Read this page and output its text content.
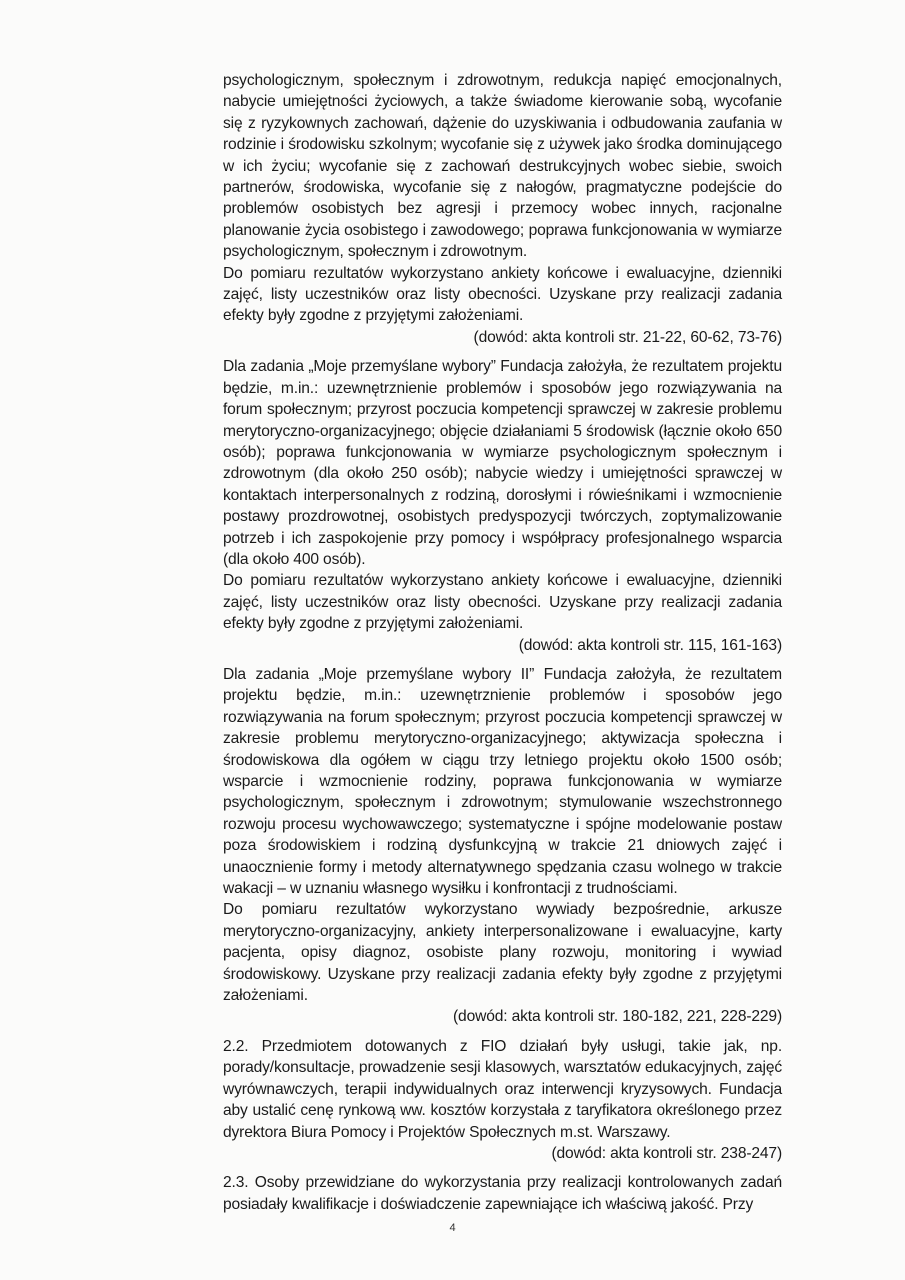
psychologicznym, społecznym i zdrowotnym, redukcja napięć emocjonalnych, nabycie umiejętności życiowych, a także świadome kierowanie sobą, wycofanie się z ryzykownych zachowań, dążenie do uzyskiwania i odbudowania zaufania w rodzinie i środowisku szkolnym; wycofanie się z używek jako środka dominującego w ich życiu; wycofanie się z zachowań destrukcyjnych wobec siebie, swoich partnerów, środowiska, wycofanie się z nałogów, pragmatyczne podejście do problemów osobistych bez agresji i przemocy wobec innych, racjonalne planowanie życia osobistego i zawodowego; poprawa funkcjonowania w wymiarze psychologicznym, społecznym i zdrowotnym.

Do pomiaru rezultatów wykorzystano ankiety końcowe i ewaluacyjne, dzienniki zajęć, listy uczestników oraz listy obecności. Uzyskane przy realizacji zadania efekty były zgodne z przyjętymi założeniami.

(dowód: akta kontroli str. 21-22, 60-62, 73-76)

Dla zadania „Moje przemyślane wybory” Fundacja założyła, że rezultatem projektu będzie, m.in.: uzewnętrznienie problemów i sposobów jego rozwiązywania na forum społecznym; przyrost poczucia kompetencji sprawczej w zakresie problemu merytoryczno-organizacyjnego; objęcie działaniami 5 środowisk (łącznie około 650 osób); poprawa funkcjonowania w wymiarze psychologicznym społecznym i zdrowotnym (dla około 250 osób); nabycie wiedzy i umiejętności sprawczej w kontaktach interpersonalnych z rodziną, dorosłymi i rówieśnikami i wzmocnienie postawy prozdrowotnej, osobistych predyspozycji twórczych, zoptymalizowanie potrzeb i ich zaspokojenie przy pomocy i współpracy profesjonalnego wsparcia (dla około 400 osób).

Do pomiaru rezultatów wykorzystano ankiety końcowe i ewaluacyjne, dzienniki zajęć, listy uczestników oraz listy obecności. Uzyskane przy realizacji zadania efekty były zgodne z przyjętymi założeniami.

(dowód: akta kontroli str. 115, 161-163)

Dla zadania „Moje przemyślane wybory II” Fundacja założyła, że rezultatem projektu będzie, m.in.: uzewnętrznienie problemów i sposobów jego rozwiązywania na forum społecznym; przyrost poczucia kompetencji sprawczej w zakresie problemu merytoryczno-organizacyjnego; aktywizacja społeczna i środowiskowa dla ogółem w ciągu trzy letniego projektu około 1500 osób; wsparcie i wzmocnienie rodziny, poprawa funkcjonowania w wymiarze psychologicznym, społecznym i zdrowotnym; stymulowanie wszechstronnego rozwoju procesu wychowawczego; systematyczne i spójne modelowanie postaw poza środowiskiem i rodziną dysfunkcyjną w trakcie 21 dniowych zajęć i unaocznienie formy i metody alternatywnego spędzania czasu wolnego w trakcie wakacji – w uznaniu własnego wysiłku i konfrontacji z trudnościami.

Do pomiaru rezultatów wykorzystano wywiady bezpośrednie, arkusze merytoryczno-organizacyjny, ankiety interpersonalizowane i ewaluacyjne, karty pacjenta, opisy diagnoz, osobiste plany rozwoju, monitoring i wywiad środowiskowy. Uzyskane przy realizacji zadania efekty były zgodne z przyjętymi założeniami.

(dowód: akta kontroli str. 180-182, 221, 228-229)

2.2. Przedmiotem dotowanych z FIO działań były usługi, takie jak, np. porady/konsultacje, prowadzenie sesji klasowych, warsztatów edukacyjnych, zajęć wyrównawczych, terapii indywidualnych oraz interwencji kryzysowych. Fundacja aby ustalić cenę rynkową ww. kosztów korzystała z taryfikatora określonego przez dyrektora Biura Pomocy i Projektów Społecznych m.st. Warszawy.

(dowód: akta kontroli str. 238-247)

2.3. Osoby przewidziane do wykorzystania przy realizacji kontrolowanych zadań posiadały kwalifikacje i doświadczenie zapewniające ich właściwą jakość. Przy

4
